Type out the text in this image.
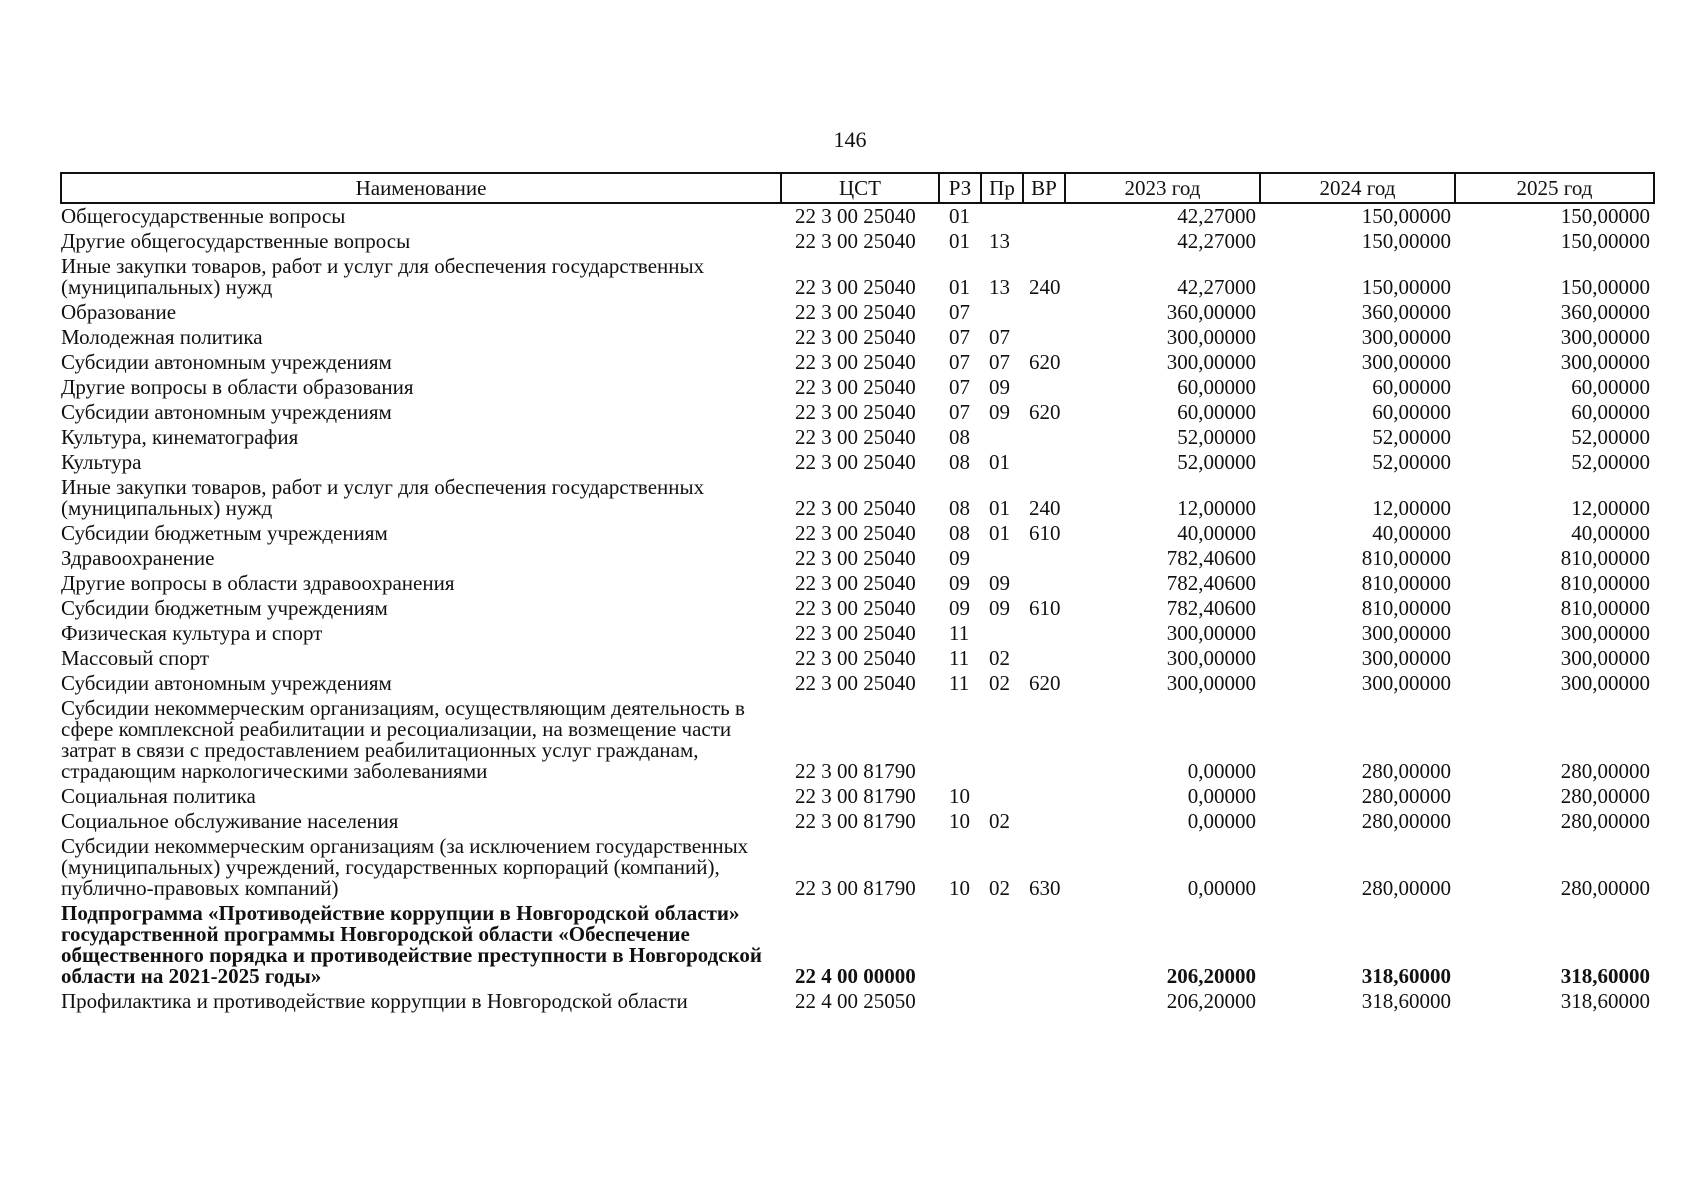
146
Наименование	ЦСТ	РЗ	Пр	ВР	2023 год	2024 год	2025 год
Общегосударственные вопросы	22 3 00 25040	01			42,27000	150,00000	150,00000
Другие общегосударственные вопросы	22 3 00 25040	01	13		42,27000	150,00000	150,00000
Иные закупки товаров, работ и услуг для обеспечения государственных (муниципальных) нужд	22 3 00 25040	01	13	240	42,27000	150,00000	150,00000
Образование	22 3 00 25040	07			360,00000	360,00000	360,00000
Молодежная политика	22 3 00 25040	07	07		300,00000	300,00000	300,00000
Субсидии автономным учреждениям	22 3 00 25040	07	07	620	300,00000	300,00000	300,00000
Другие вопросы в области образования	22 3 00 25040	07	09		60,00000	60,00000	60,00000
Субсидии автономным учреждениям	22 3 00 25040	07	09	620	60,00000	60,00000	60,00000
Культура, кинематография	22 3 00 25040	08			52,00000	52,00000	52,00000
Культура	22 3 00 25040	08	01		52,00000	52,00000	52,00000
Иные закупки товаров, работ и услуг для обеспечения государственных (муниципальных) нужд	22 3 00 25040	08	01	240	12,00000	12,00000	12,00000
Субсидии бюджетным учреждениям	22 3 00 25040	08	01	610	40,00000	40,00000	40,00000
Здравоохранение	22 3 00 25040	09			782,40600	810,00000	810,00000
Другие вопросы в области здравоохранения	22 3 00 25040	09	09		782,40600	810,00000	810,00000
Субсидии бюджетным учреждениям	22 3 00 25040	09	09	610	782,40600	810,00000	810,00000
Физическая культура и спорт	22 3 00 25040	11			300,00000	300,00000	300,00000
Массовый спорт	22 3 00 25040	11	02		300,00000	300,00000	300,00000
Субсидии автономным учреждениям	22 3 00 25040	11	02	620	300,00000	300,00000	300,00000
Субсидии некоммерческим организациям, осуществляющим деятельность в сфере комплексной реабилитации и ресоциализации, на возмещение части затрат в связи с предоставлением реабилитационных услуг гражданам, страдающим наркологическими заболеваниями	22 3 00 81790				0,00000	280,00000	280,00000
Социальная политика	22 3 00 81790	10			0,00000	280,00000	280,00000
Социальное обслуживание населения	22 3 00 81790	10	02		0,00000	280,00000	280,00000
Субсидии некоммерческим организациям (за исключением государственных (муниципальных) учреждений, государственных корпораций (компаний), публично-правовых компаний)	22 3 00 81790	10	02	630	0,00000	280,00000	280,00000
Подпрограмма «Противодействие коррупции в Новгородской области» государственной программы Новгородской области «Обеспечение общественного порядка и противодействие преступности в Новгородской области на 2021-2025 годы»	22 4 00 00000				206,20000	318,60000	318,60000
Профилактика и противодействие коррупции в Новгородской области	22 4 00 25050				206,20000	318,60000	318,60000
